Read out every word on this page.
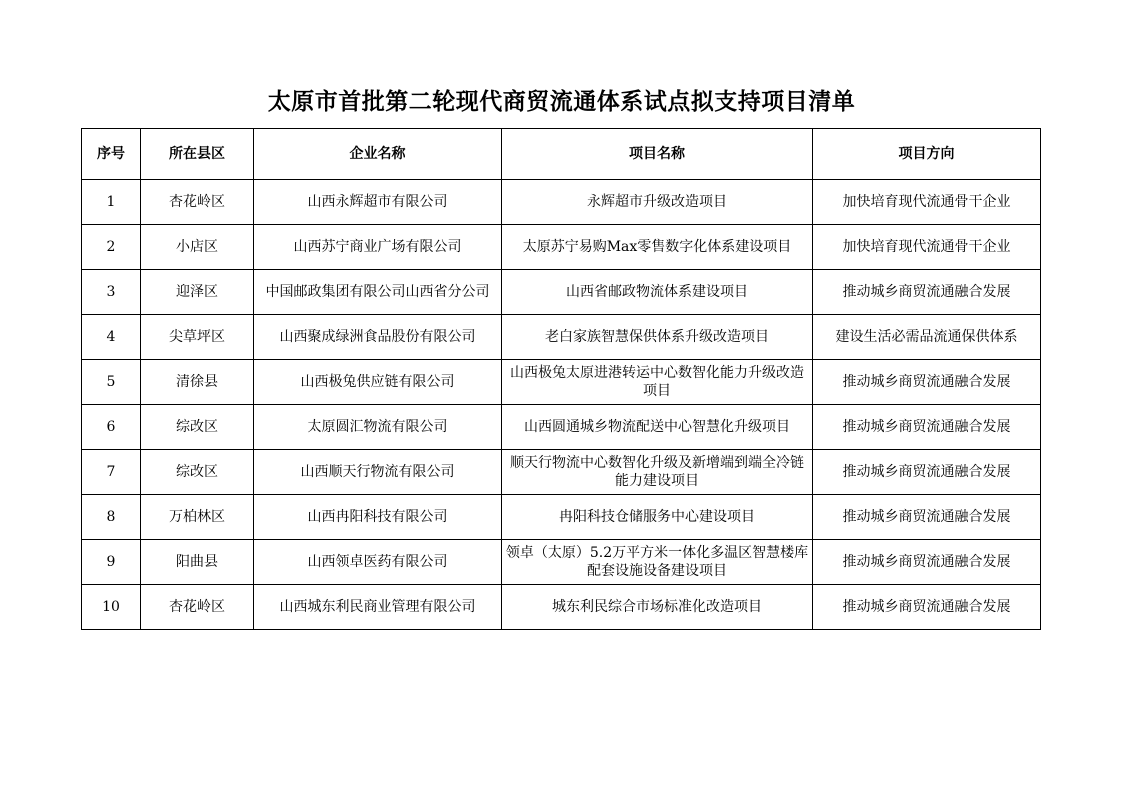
太原市首批第二轮现代商贸流通体系试点拟支持项目清单
序号	所在县区	企业名称	项目名称	项目方向
1	杏花岭区	山西永辉超市有限公司	永辉超市升级改造项目	加快培育现代流通骨干企业
2	小店区	山西苏宁商业广场有限公司	太原苏宁易购Max零售数字化体系建设项目	加快培育现代流通骨干企业
3	迎泽区	中国邮政集团有限公司山西省分公司	山西省邮政物流体系建设项目	推动城乡商贸流通融合发展
4	尖草坪区	山西聚成绿洲食品股份有限公司	老白家族智慧保供体系升级改造项目	建设生活必需品流通保供体系
5	清徐县	山西极兔供应链有限公司	山西极兔太原进港转运中心数智化能力升级改造项目	推动城乡商贸流通融合发展
6	综改区	太原圆汇物流有限公司	山西圆通城乡物流配送中心智慧化升级项目	推动城乡商贸流通融合发展
7	综改区	山西顺天行物流有限公司	顺天行物流中心数智化升级及新增端到端全冷链能力建设项目	推动城乡商贸流通融合发展
8	万柏林区	山西冉阳科技有限公司	冉阳科技仓储服务中心建设项目	推动城乡商贸流通融合发展
9	阳曲县	山西领卓医药有限公司	领卓（太原）5.2万平方米一体化多温区智慧楼库配套设施设备建设项目	推动城乡商贸流通融合发展
10	杏花岭区	山西城东利民商业管理有限公司	城东利民综合市场标准化改造项目	推动城乡商贸流通融合发展
